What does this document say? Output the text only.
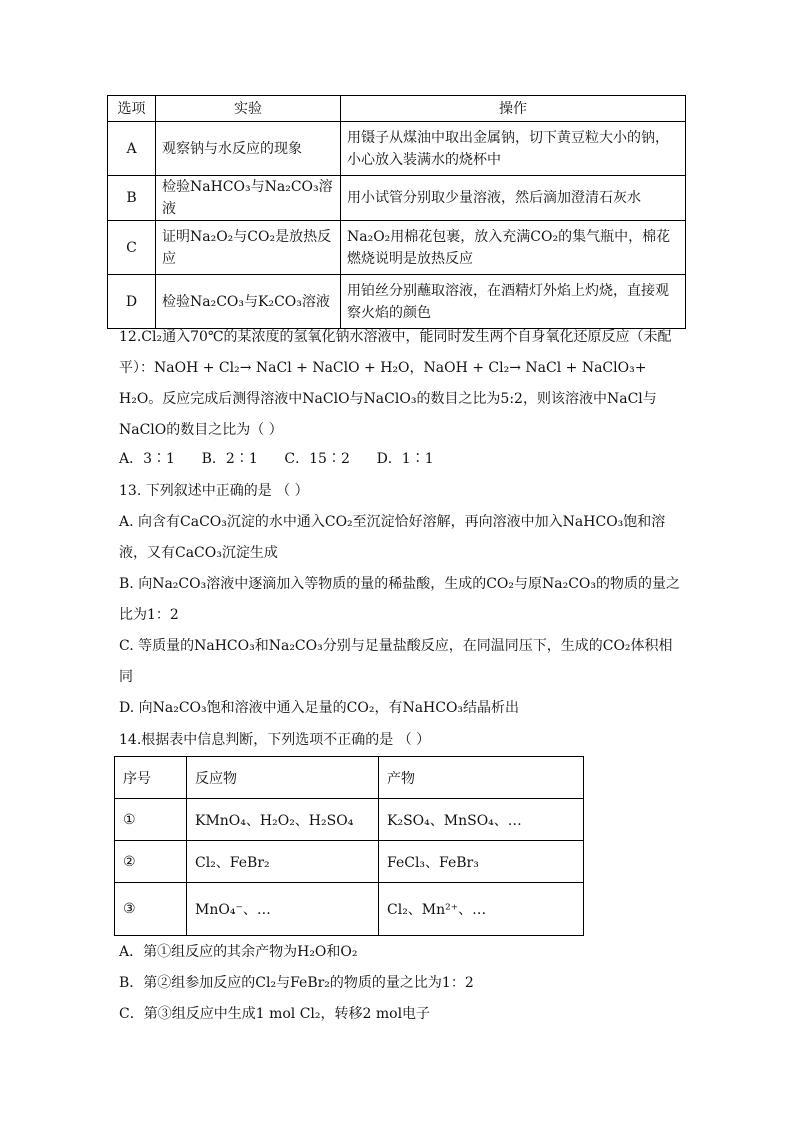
选项	实验	操作
A	观察钠与水反应的现象	用镊子从煤油中取出金属钠，切下黄豆粒大小的钠，小心放入装满水的烧杯中
B	检验NaHCO₃与Na₂CO₃溶液	用小试管分别取少量溶液，然后滴加澄清石灰水
C	证明Na₂O₂与CO₂是放热反应	Na₂O₂用棉花包裹，放入充满CO₂的集气瓶中，棉花燃烧说明是放热反应
D	检验Na₂CO₃与K₂CO₃溶液	用铂丝分别蘸取溶液，在酒精灯外焰上灼烧，直接观察火焰的颜色

12.Cl₂通入70℃的某浓度的氢氧化钠水溶液中，能同时发生两个自身氧化还原反应（未配平）：NaOH + Cl₂→ NaCl + NaClO + H₂O，NaOH + Cl₂→ NaCl + NaClO₃+ H₂O。反应完成后测得溶液中NaClO与NaClO₃的数目之比为5:2，则该溶液中NaCl与NaClO的数目之比为（ ）

A．3∶1      B．2∶1      C．15∶2      D．1∶1

13. 下列叙述中正确的是 （ ）

A. 向含有CaCO₃沉淀的水中通入CO₂至沉淀恰好溶解，再向溶液中加入NaHCO₃饱和溶液，又有CaCO₃沉淀生成

B. 向Na₂CO₃溶液中逐滴加入等物质的量的稀盐酸，生成的CO₂与原Na₂CO₃的物质的量之比为1：2

C. 等质量的NaHCO₃和Na₂CO₃分别与足量盐酸反应，在同温同压下，生成的CO₂体积相同

D. 向Na₂CO₃饱和溶液中通入足量的CO₂，有NaHCO₃结晶析出

14.根据表中信息判断，下列选项不正确的是 （ ）

序号	反应物	产物
①	KMnO₄、H₂O₂、H₂SO₄	K₂SO₄、MnSO₄、…
②	Cl₂、FeBr₂	FeCl₃、FeBr₃
③	MnO₄⁻、…	Cl₂、Mn²⁺、…

A．第①组反应的其余产物为H₂O和O₂

B．第②组参加反应的Cl₂与FeBr₂的物质的量之比为1：2

C．第③组反应中生成1 mol Cl₂，转移2 mol电子
